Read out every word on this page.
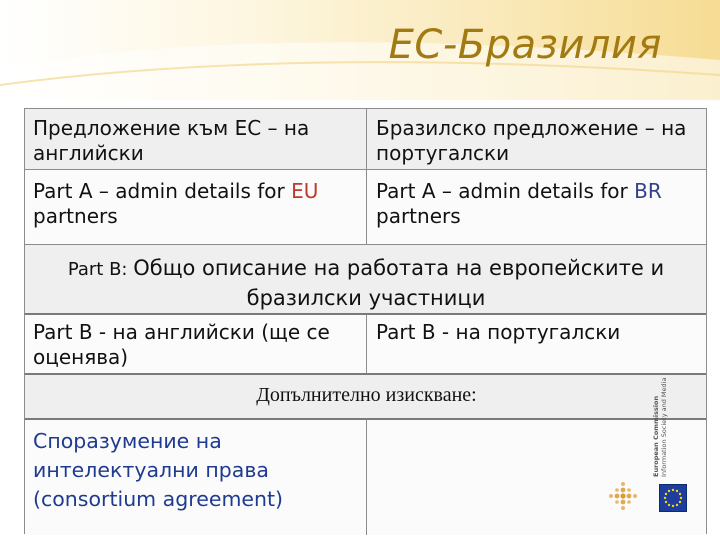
ЕС-Бразилия
Предложение към ЕС – на английски
Бразилско предложение – на португалски
Part A – admin details for EU
partners
Part A – admin details for BR
partners
Part B: Общо описание на работата на европейските и бразилски участници
Part B - на английски (ще се оценява)
Part B - на португалски
Допълнително изискване:
Споразумение на интелектуални права (consortium agreement)
European Commission Information Society and Media
